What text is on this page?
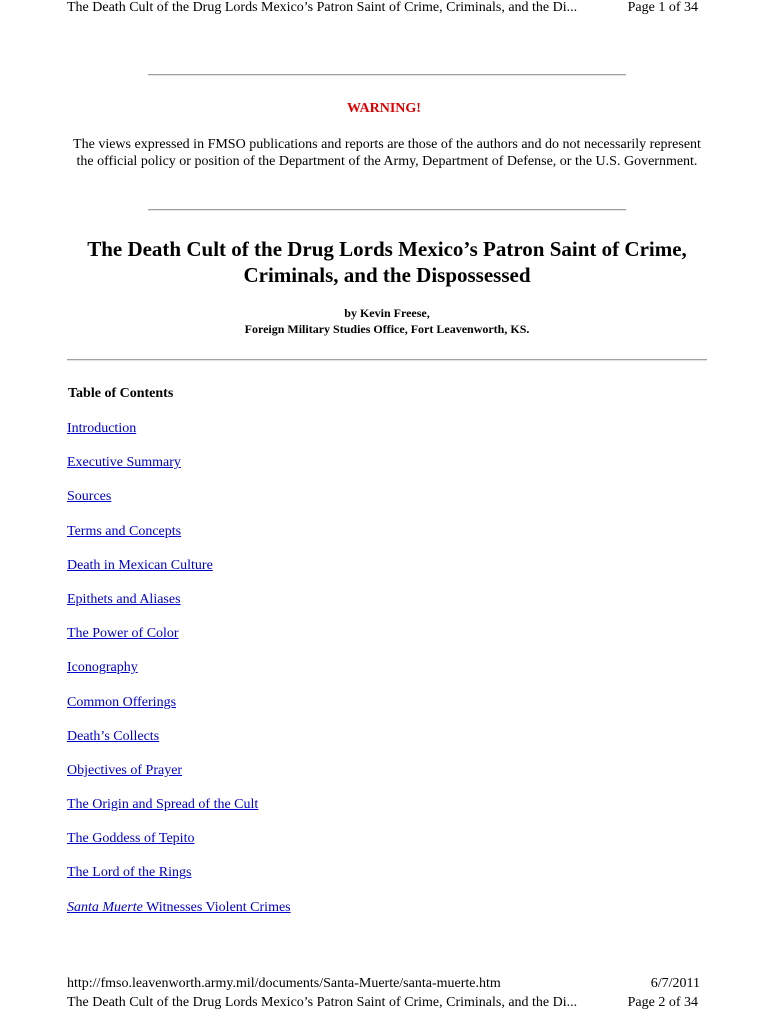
The Death Cult of the Drug Lords Mexico’s Patron Saint of Crime, Criminals, and the Di...	Page 1 of 34
WARNING!
The views expressed in FMSO publications and reports are those of the authors and do not necessarily represent the official policy or position of the Department of the Army, Department of Defense, or the U.S. Government.
The Death Cult of the Drug Lords Mexico’s Patron Saint of Crime, Criminals, and the Dispossessed
by Kevin Freese,
Foreign Military Studies Office, Fort Leavenworth, KS.
Table of Contents
Introduction
Executive Summary
Sources
Terms and Concepts
Death in Mexican Culture
Epithets and Aliases
The Power of Color
Iconography
Common Offerings
Death’s Collects
Objectives of Prayer
The Origin and Spread of the Cult
The Goddess of Tepito
The Lord of the Rings
Santa Muerte Witnesses Violent Crimes
http://fmso.leavenworth.army.mil/documents/Santa-Muerte/santa-muerte.htm	6/7/2011
The Death Cult of the Drug Lords Mexico’s Patron Saint of Crime, Criminals, and the Di...	Page 2 of 34
